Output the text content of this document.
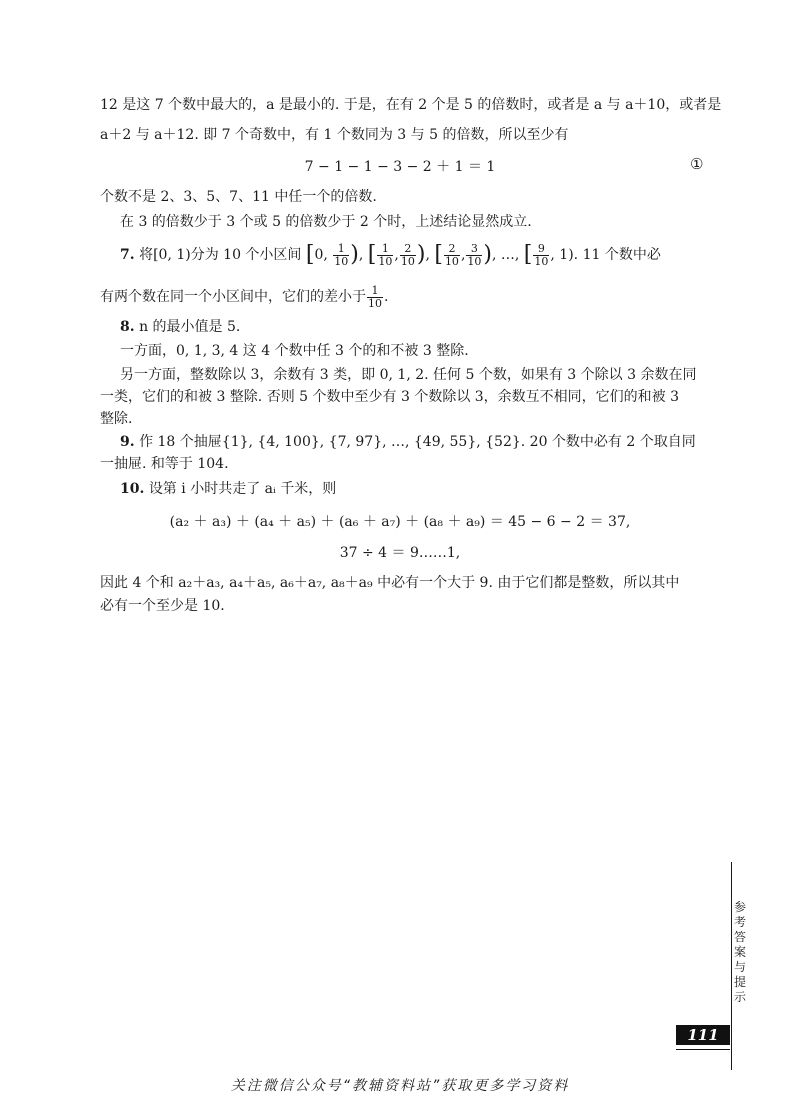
12 是这 7 个数中最大的，a 是最小的. 于是，在有 2 个是 5 的倍数时，或者是 a 与 a＋10，或者是
a＋2 与 a＋12. 即 7 个奇数中，有 1 个数同为 3 与 5 的倍数，所以至少有
7 − 1 − 1 − 3 − 2 ＋ 1 ＝ 1	①
个数不是 2、3、5、7、11 中任一个的倍数.
在 3 的倍数少于 3 个或 5 的倍数少于 2 个时，上述结论显然成立.
7. 将[0, 1)分为 10 个小区间 [0, $\frac{1}{10}$ ), [ $\frac{1}{10}$ , $\frac{2}{10}$ ), [ $\frac{2}{10}$ , $\frac{3}{10}$ ), …, [ $\frac{9}{10}$ , 1). 11 个数中必
有两个数在同一个小区间中，它们的差小于 $\frac{1}{10}$ .
8. n 的最小值是 5.
一方面，0, 1, 3, 4 这 4 个数中任 3 个的和不被 3 整除.
另一方面，整数除以 3，余数有 3 类，即 0, 1, 2. 任何 5 个数，如果有 3 个除以 3 余数在同
一类，它们的和被 3 整除. 否则 5 个数中至少有 3 个数除以 3，余数互不相同，它们的和被 3
整除.
9. 作 18 个抽屉{1}, {4, 100}, {7, 97}, …, {49, 55}, {52}. 20 个数中必有 2 个取自同
一抽屉. 和等于 104.
10. 设第 i 小时共走了 aᵢ 千米，则
(a₂ ＋ a₃) ＋ (a₄ ＋ a₅) ＋ (a₆ ＋ a₇) ＋ (a₈ ＋ a₉) ＝ 45 − 6 − 2 ＝ 37,
37 ÷ 4 ＝ 9……1,
因此 4 个和 a₂＋a₃, a₄＋a₅, a₆＋a₇, a₈＋a₉ 中必有一个大于 9. 由于它们都是整数，所以其中
必有一个至少是 10.
参考答案与提示
111
关注微信公众号“教辅资料站”获取更多学习资料
